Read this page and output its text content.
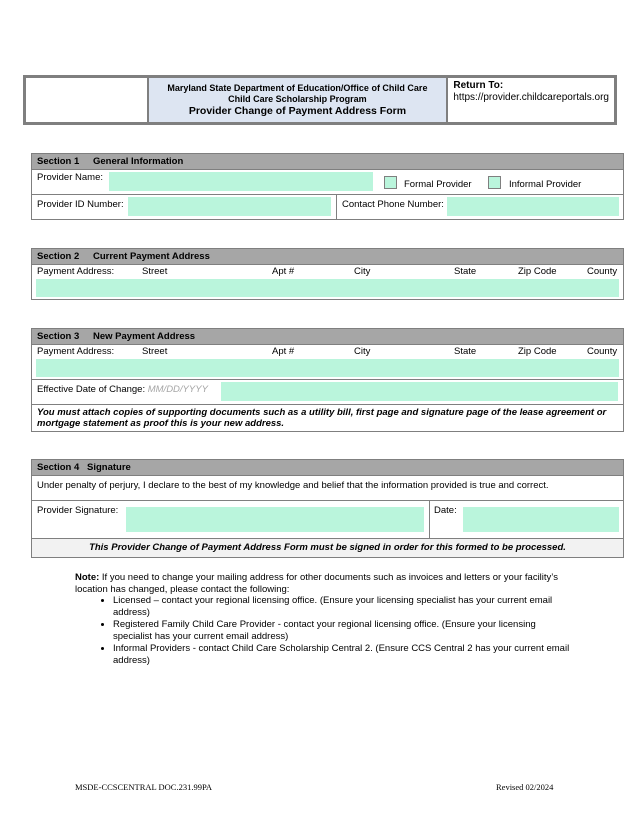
Maryland State Department of Education/Office of Child Care
Child Care Scholarship Program
Provider Change of Payment Address Form
Return To:
https://provider.childcareportals.org
Section 1 General Information
Provider Name:
Formal Provider	Informal Provider
Provider ID Number:	Contact Phone Number:
Section 2 Current Payment Address
Payment Address:	Street	Apt #	City	State	Zip Code	County
Section 3 New Payment Address
Payment Address:	Street	Apt #	City	State	Zip Code	County
Effective Date of Change: MM/DD/YYYY
You must attach copies of supporting documents such as a utility bill, first page and signature page of the lease agreement or mortgage statement as proof this is your new address.
Section 4 Signature
Under penalty of perjury, I declare to the best of my knowledge and belief that the information provided is true and correct.
Provider Signature:	Date:
This Provider Change of Payment Address Form must be signed in order for this formed to be processed.
Note: If you need to change your mailing address for other documents such as invoices and letters or your facility’s location has changed, please contact the following:
• Licensed – contact your regional licensing office. (Ensure your licensing specialist has your current email address)
• Registered Family Child Care Provider - contact your regional licensing office. (Ensure your licensing specialist has your current email address)
• Informal Providers - contact Child Care Scholarship Central 2. (Ensure CCS Central 2 has your current email address)
MSDE-CCSCENTRAL DOC.231.99PA	Revised 02/2024
